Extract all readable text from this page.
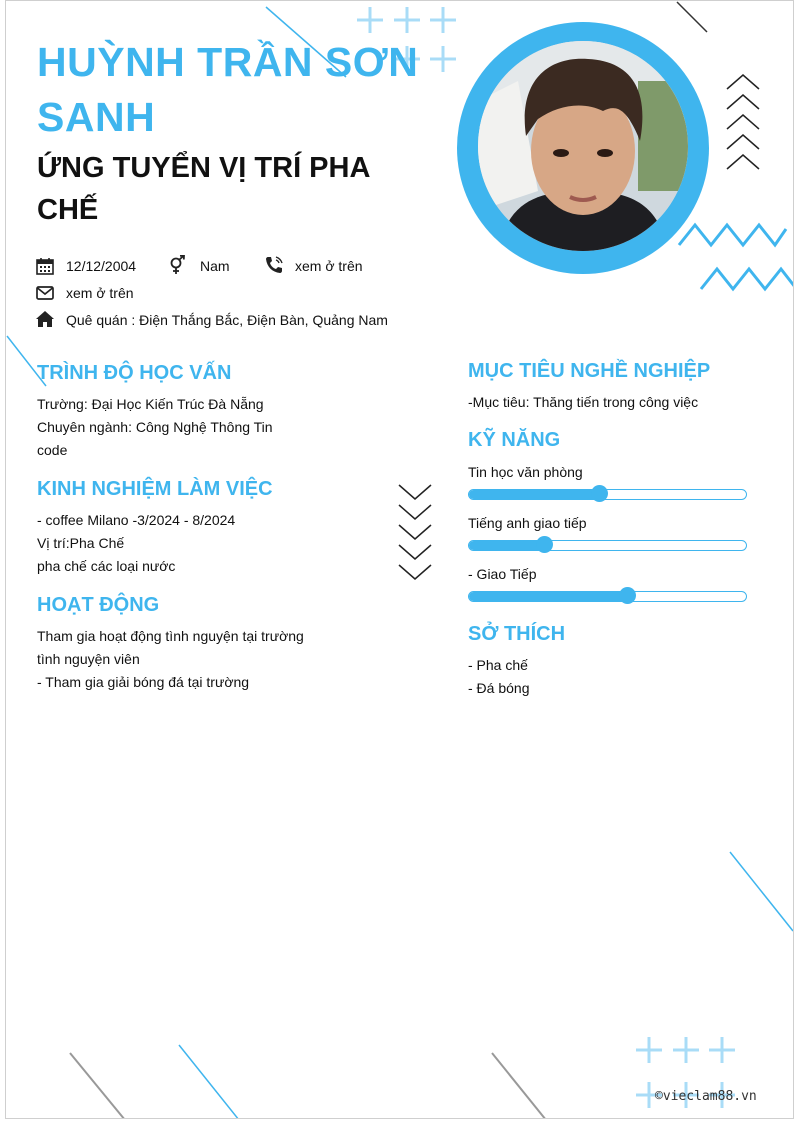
HUỲNH TRẦN SƠN SANH
ỨNG TUYỂN VỊ TRÍ PHA CHẾ
12/12/2004	Nam	xem ở trên
xem ở trên
Quê quán : Điện Thắng Bắc, Điện Bàn, Quảng Nam
TRÌNH ĐỘ HỌC VẤN
Trường: Đại Học Kiến Trúc Đà Nẵng
Chuyên ngành: Công Nghệ Thông Tin
code
KINH NGHIỆM LÀM VIỆC
- coffee Milano -3/2024 - 8/2024
Vị trí:Pha Chế
pha chế các loại nước
HOẠT ĐỘNG
Tham gia hoạt động tình nguyện tại trường
tình nguyện viên
- Tham gia giải bóng đá tại trường
MỤC TIÊU NGHỀ NGHIỆP
-Mục tiêu: Thăng tiến trong công việc
KỸ NĂNG
Tin học văn phòng
Tiếng anh giao tiếp
- Giao Tiếp
SỞ THÍCH
- Pha chế
- Đá bóng
©vieclam88.vn
